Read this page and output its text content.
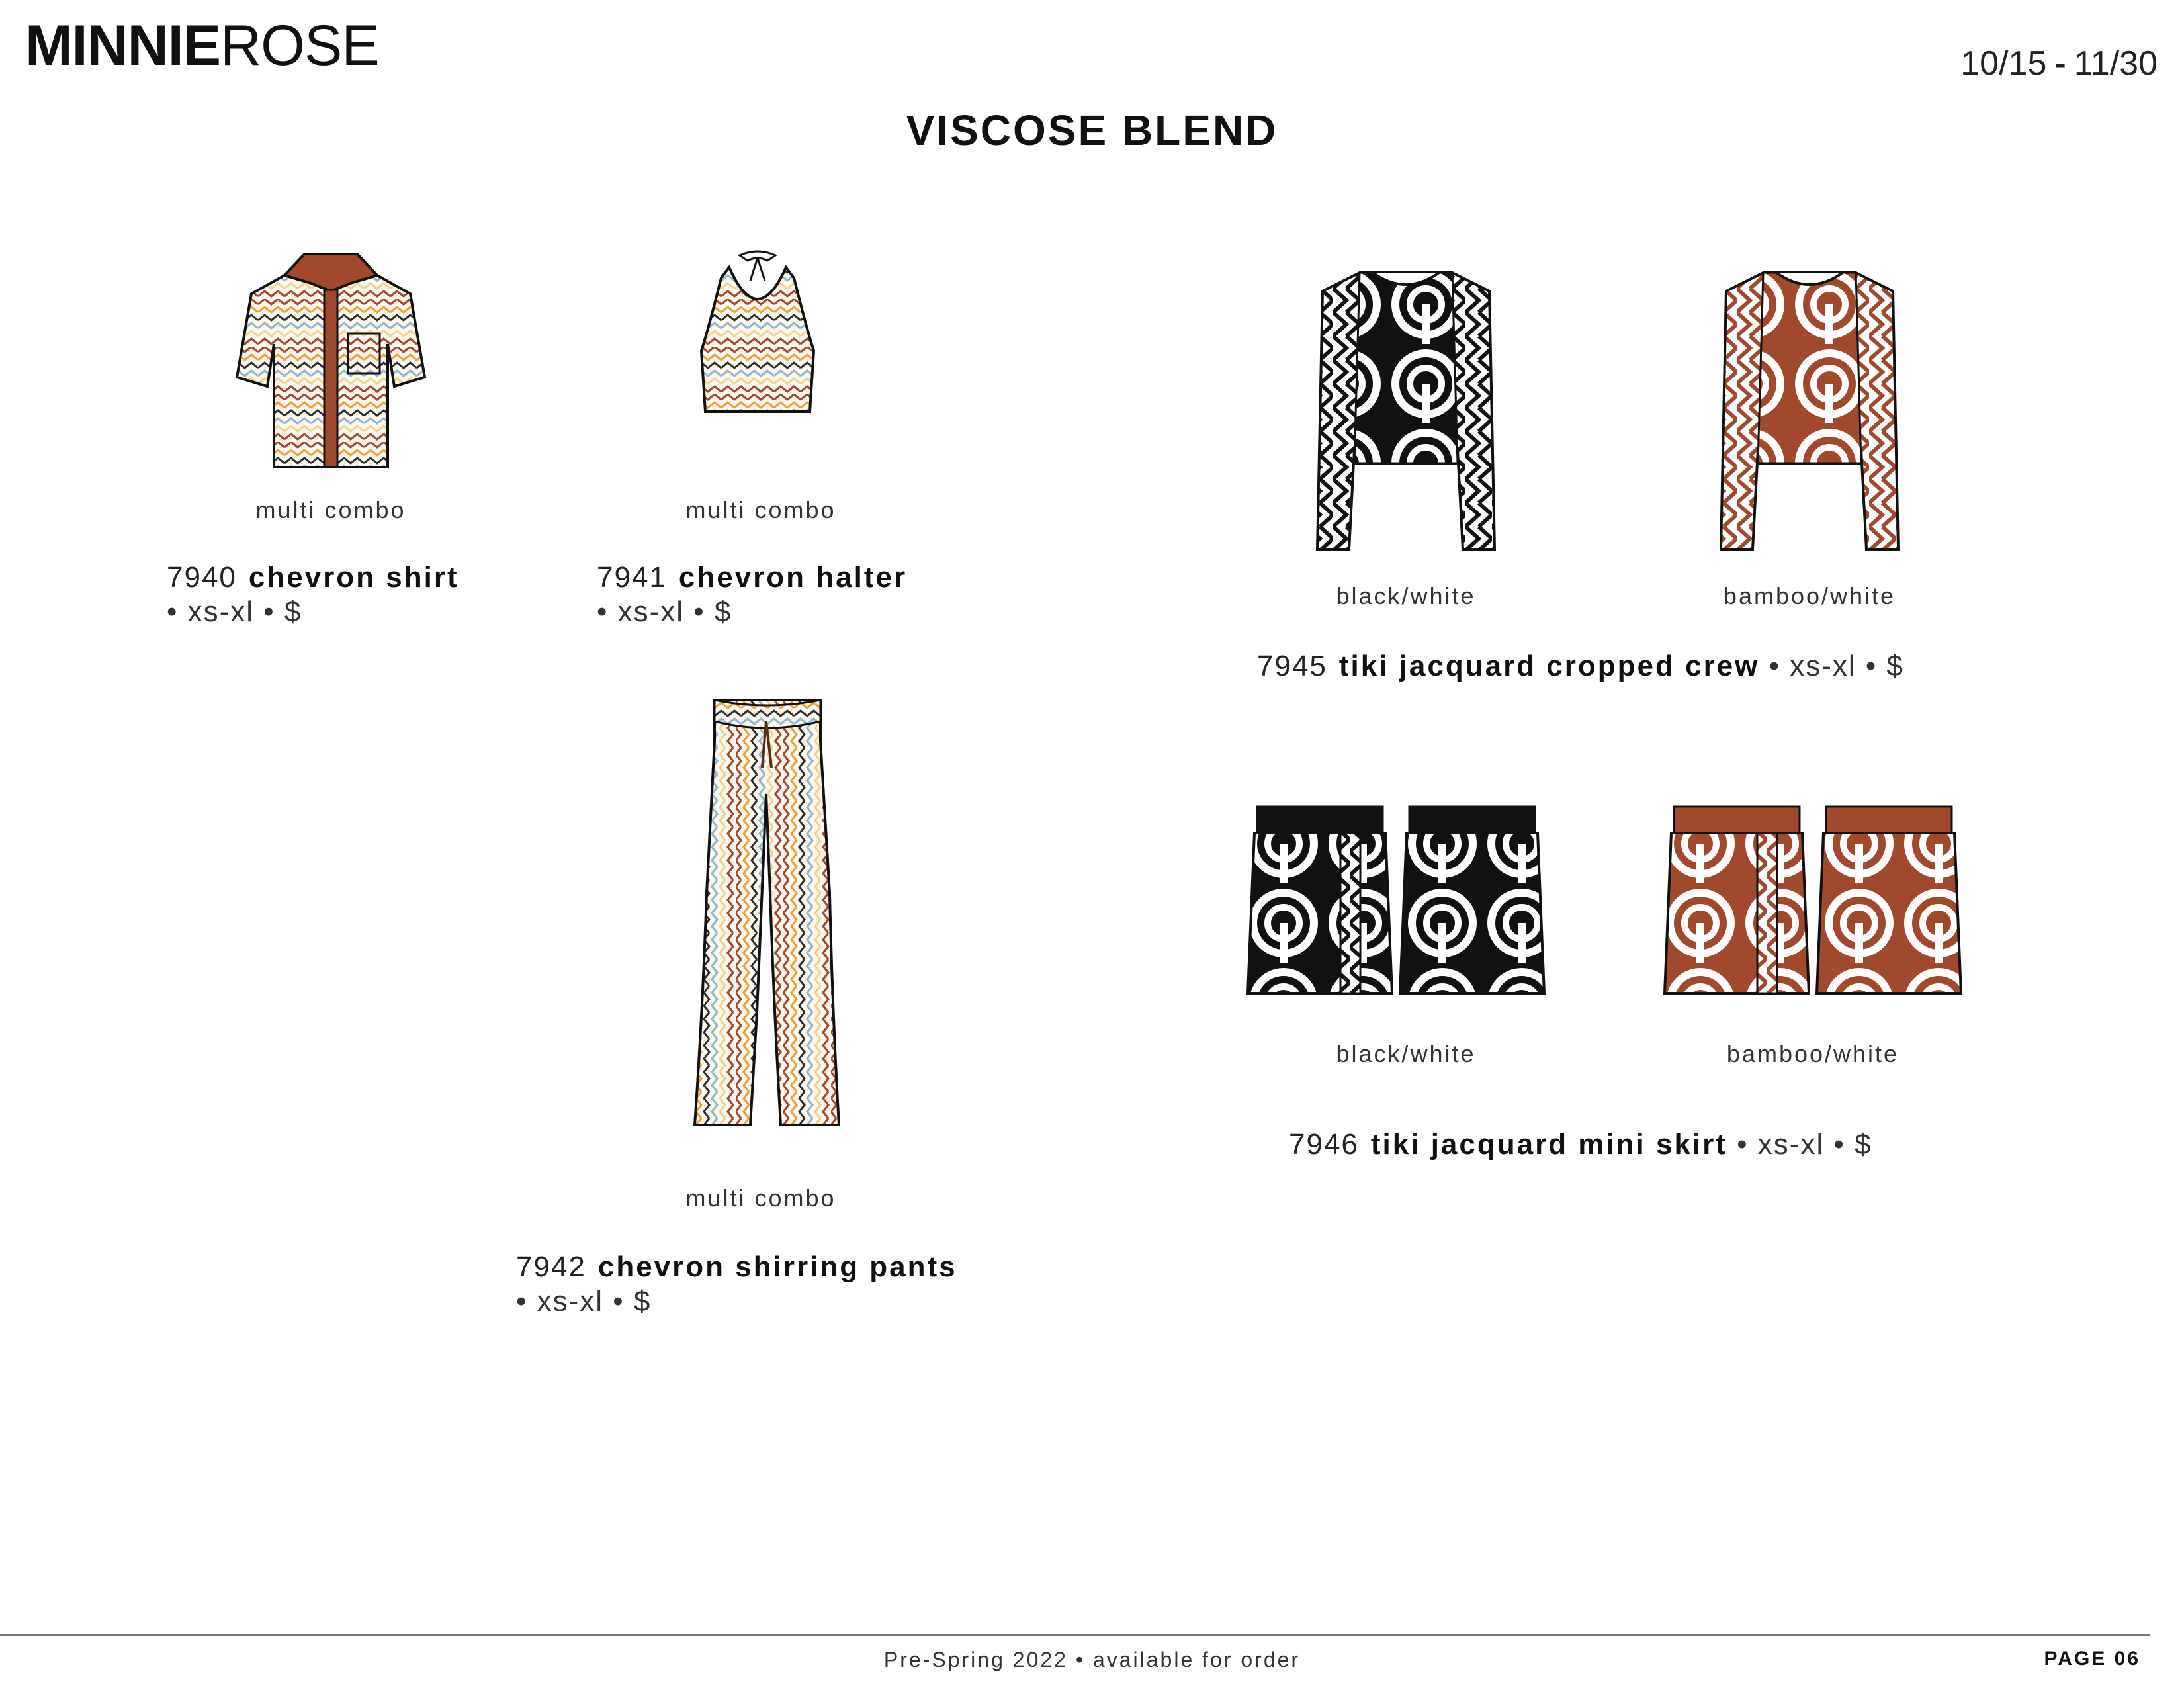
MINNIEROSE	10/15 - 11/30
VISCOSE BLEND
multi combo
7940 chevron shirt
• xs-xl • $
multi combo
7941 chevron halter
• xs-xl • $
multi combo
7942 chevron shirring pants
• xs-xl • $
black/white	bamboo/white
7945 tiki jacquard cropped crew • xs-xl • $
black/white	bamboo/white
7946 tiki jacquard mini skirt • xs-xl • $
Pre-Spring 2022 • available for order	PAGE 06
